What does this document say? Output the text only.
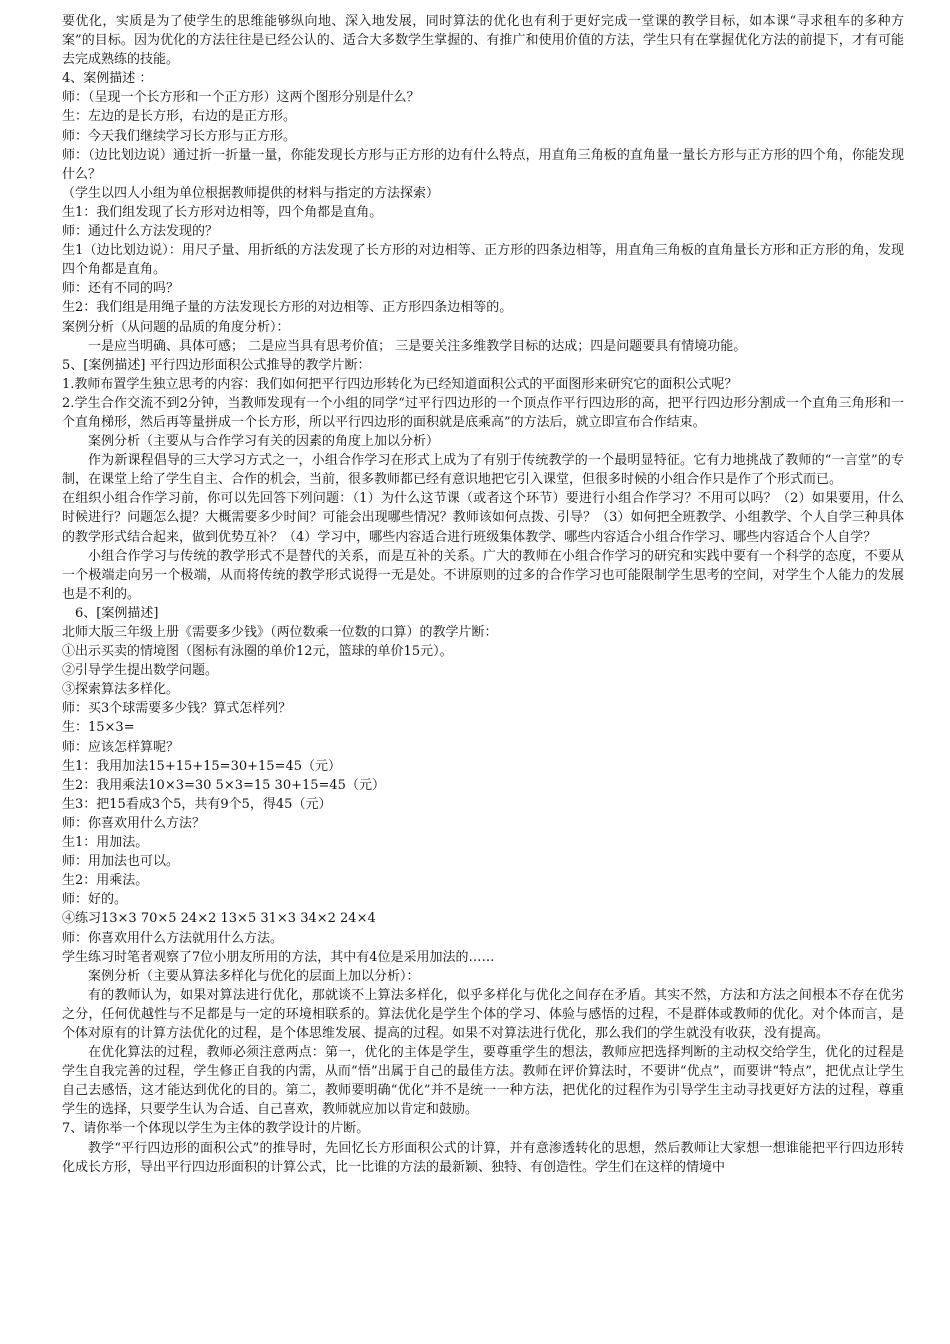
要优化，实质是为了使学生的思维能够纵向地、深入地发展，同时算法的优化也有利于更好完成一堂课的教学目标，如本课“寻求租车的多种方案”的目标。因为优化的方法往往是已经公认的、适合大多数学生掌握的、有推广和使用价值的方法，学生只有在掌握优化方法的前提下，才有可能去完成熟练的技能。

4、案例描述 ：

师：（呈现一个长方形和一个正方形）这两个图形分别是什么？

生：左边的是长方形，右边的是正方形。

师：今天我们继续学习长方形与正方形。

师：（边比划边说）通过折一折量一量，你能发现长方形与正方形的边有什么特点，用直角三角板的直角量一量长方形与正方形的四个角，你能发现什么？

（学生以四人小组为单位根据教师提供的材料与指定的方法探索）

生1：我们组发现了长方形对边相等，四个角都是直角。

师：通过什么方法发现的？

生1（边比划边说）：用尺子量、用折纸的方法发现了长方形的对边相等、正方形的四条边相等，用直角三角板的直角量长方形和正方形的角，发现四个角都是直角。

师：还有不同的吗？

生2：我们组是用绳子量的方法发现长方形的对边相等、正方形四条边相等的。

案例分析（从问题的品质的角度分析）：

一是应当明确、具体可感； 二是应当具有思考价值； 三是要关注多维教学目标的达成；四是问题要具有情境功能。

5、[案例描述] 平行四边形面积公式推导的教学片断：

1.教师布置学生独立思考的内容：我们如何把平行四边形转化为已经知道面积公式的平面图形来研究它的面积公式呢？

2.学生合作交流不到2分钟，当教师发现有一个小组的同学“过平行四边形的一个顶点作平行四边形的高，把平行四边形分割成一个直角三角形和一个直角梯形，然后再等量拼成一个长方形，所以平行四边形的面积就是底乘高”的方法后，就立即宣布合作结束。

案例分析（主要从与合作学习有关的因素的角度上加以分析）

作为新课程倡导的三大学习方式之一，小组合作学习在形式上成为了有别于传统教学的一个最明显特征。它有力地挑战了教师的“一言堂”的专制，在课堂上给了学生自主、合作的机会，当前，很多教师都已经有意识地把它引入课堂，但很多时候的小组合作只是作了个形式而已。

在组织小组合作学习前，你可以先回答下列问题：（1）为什么这节课（或者这个环节）要进行小组合作学习？不用可以吗？（2）如果要用，什么时候进行？问题怎么提？大概需要多少时间？可能会出现哪些情况？教师该如何点拨、引导？（3）如何把全班教学、小组教学、个人自学三种具体的教学形式结合起来，做到优势互补？（4）学习中，哪些内容适合进行班级集体教学、哪些内容适合小组合作学习、哪些内容适合个人自学？

小组合作学习与传统的教学形式不是替代的关系，而是互补的关系。广大的教师在小组合作学习的研究和实践中要有一个科学的态度，不要从一个极端走向另一个极端，从而将传统的教学形式说得一无是处。不讲原则的过多的合作学习也可能限制学生思考的空间，对学生个人能力的发展也是不利的。

6、[案例描述]

北师大版三年级上册《需要多少钱》（两位数乘一位数的口算）的教学片断：

①出示买卖的情境图（图标有泳圈的单价12元，篮球的单价15元）。

②引导学生提出数学问题。

③探索算法多样化。

师：买3个球需要多少钱？算式怎样列？

生：15×3=

师：应该怎样算呢？

生1：我用加法15+15+15=30+15=45（元）

生2：我用乘法10×3=30 5×3=15 30+15=45（元）

生3：把15看成3个5，共有9个5，得45（元）

师：你喜欢用什么方法？

生1：用加法。

师：用加法也可以。

生2：用乘法。

师：好的。

④练习13×3 70×5 24×2 13×5 31×3 34×2 24×4

师：你喜欢用什么方法就用什么方法。

学生练习时笔者观察了7位小朋友所用的方法，其中有4位是采用加法的……

案例分析（主要从算法多样化与优化的层面上加以分析）：

有的教师认为，如果对算法进行优化，那就谈不上算法多样化，似乎多样化与优化之间存在矛盾。其实不然，方法和方法之间根本不存在优劣之分，任何优越性与不足都是与一定的环境相联系的。算法优化是学生个体的学习、体验与感悟的过程，不是群体或教师的优化。对个体而言，是个体对原有的计算方法优化的过程，是个体思维发展、提高的过程。如果不对算法进行优化，那么我们的学生就没有收获，没有提高。

在优化算法的过程，教师必须注意两点：第一，优化的主体是学生，要尊重学生的想法，教师应把选择判断的主动权交给学生，优化的过程是学生自我完善的过程，学生修正自我的内需，从而“悟”出属于自己的最佳方法。教师在评价算法时，不要讲“优点”，而要讲“特点”，把优点让学生自己去感悟，这才能达到优化的目的。第二，教师要明确“优化”并不是统一一种方法，把优化的过程作为引导学生主动寻找更好方法的过程，尊重学生的选择，只要学生认为合适、自己喜欢，教师就应加以肯定和鼓励。

7、请你举一个体现以学生为主体的教学设计的片断。

教学“平行四边形的面积公式”的推导时，先回忆长方形面积公式的计算，并有意渗透转化的思想，然后教师让大家想一想谁能把平行四边形转化成长方形，导出平行四边形面积的计算公式，比一比谁的方法的最新颖、独特、有创造性。学生们在这样的情境中
